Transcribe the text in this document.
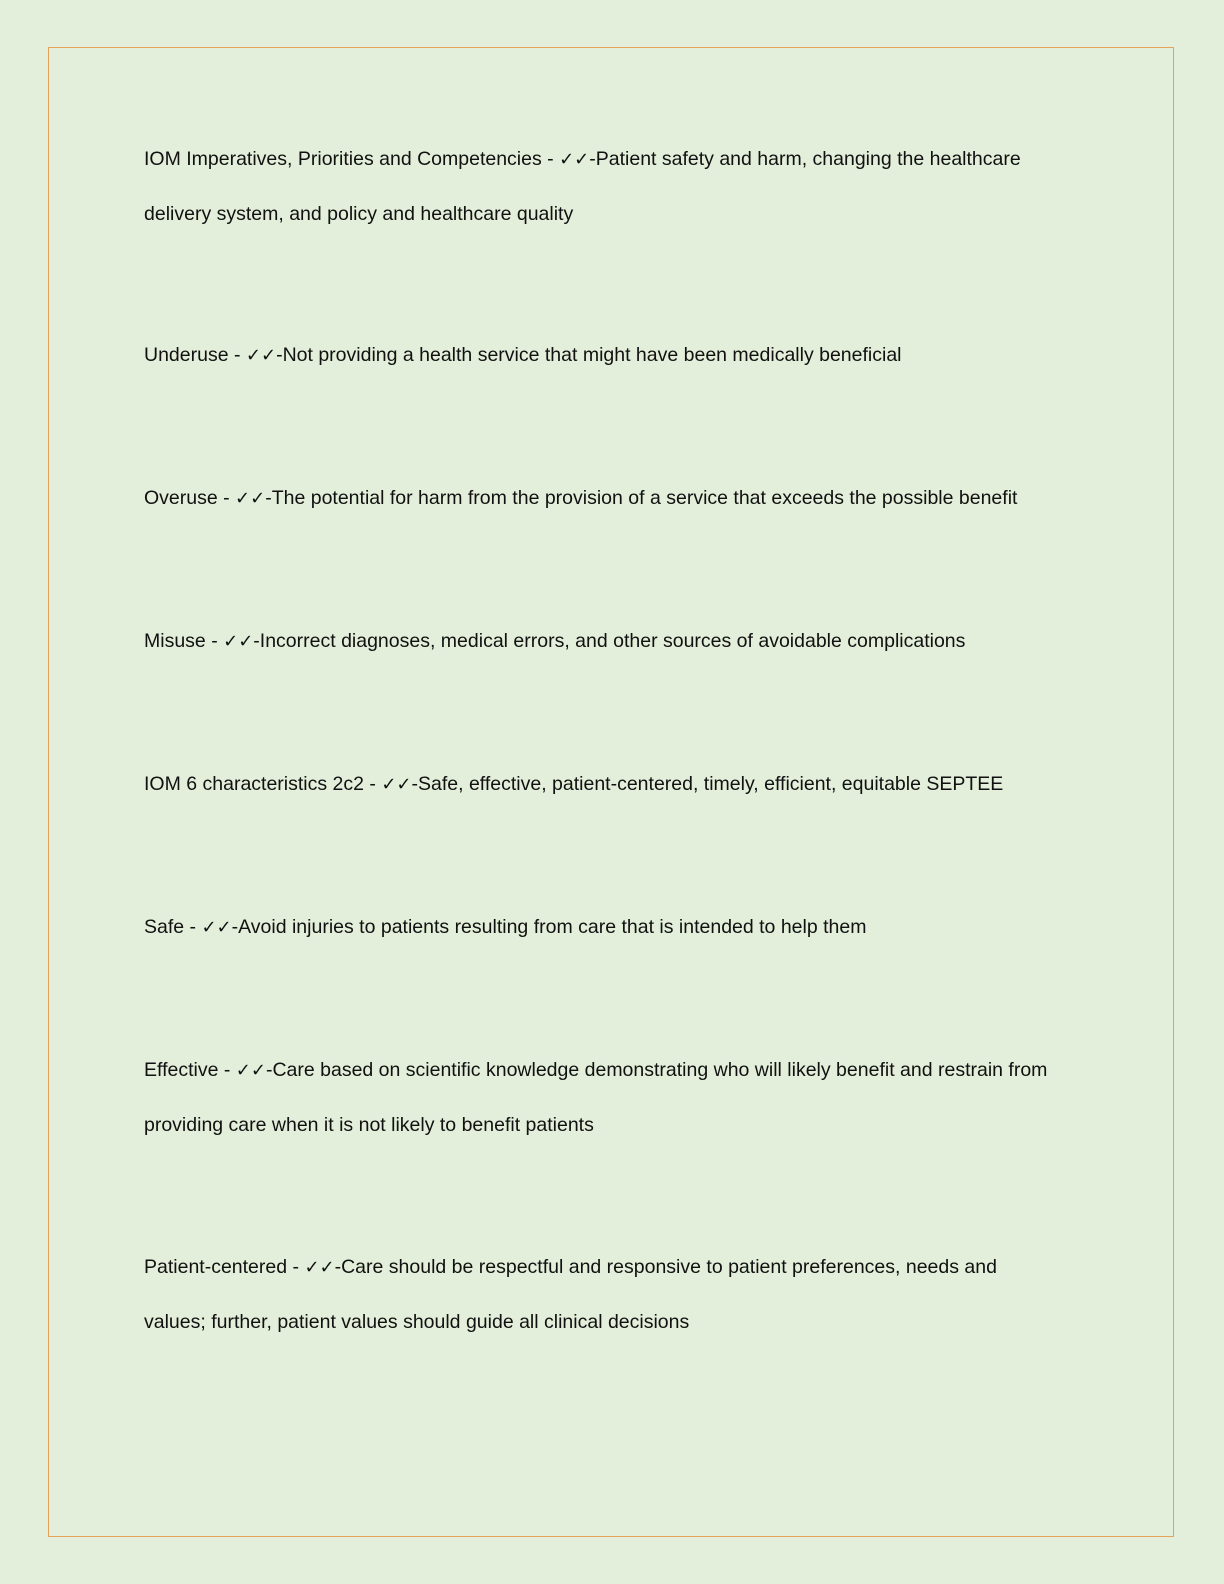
IOM Imperatives, Priorities and Competencies - ✓✓-Patient safety and harm, changing the healthcare delivery system, and policy and healthcare quality

Underuse - ✓✓-Not providing a health service that might have been medically beneficial

Overuse - ✓✓-The potential for harm from the provision of a service that exceeds the possible benefit

Misuse - ✓✓-Incorrect diagnoses, medical errors, and other sources of avoidable complications

IOM 6 characteristics 2c2 - ✓✓-Safe, effective, patient-centered, timely, efficient, equitable SEPTEE

Safe - ✓✓-Avoid injuries to patients resulting from care that is intended to help them

Effective - ✓✓-Care based on scientific knowledge demonstrating who will likely benefit and restrain from providing care when it is not likely to benefit patients

Patient-centered - ✓✓-Care should be respectful and responsive to patient preferences, needs and values; further, patient values should guide all clinical decisions
